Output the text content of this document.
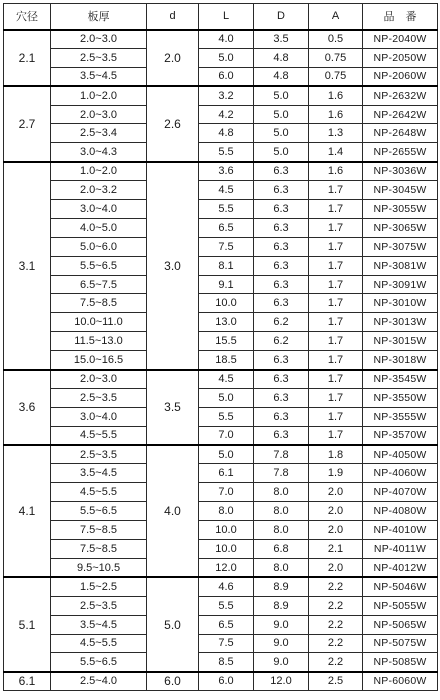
穴径	板厚	d	L	D	A	品　番
2.1	2.0~3.0	2.0	4.0	3.5	0.5	NP-2040W
	2.5~3.5		5.0	4.8	0.75	NP-2050W
	3.5~4.5		6.0	4.8	0.75	NP-2060W
2.7	1.0~2.0	2.6	3.2	5.0	1.6	NP-2632W
	2.0~3.0		4.2	5.0	1.6	NP-2642W
	2.5~3.4		4.8	5.0	1.3	NP-2648W
	3.0~4.3		5.5	5.0	1.4	NP-2655W
3.1	1.0~2.0	3.0	3.6	6.3	1.6	NP-3036W
	2.0~3.2		4.5	6.3	1.7	NP-3045W
	3.0~4.0		5.5	6.3	1.7	NP-3055W
	4.0~5.0		6.5	6.3	1.7	NP-3065W
	5.0~6.0		7.5	6.3	1.7	NP-3075W
	5.5~6.5		8.1	6.3	1.7	NP-3081W
	6.5~7.5		9.1	6.3	1.7	NP-3091W
	7.5~8.5		10.0	6.3	1.7	NP-3010W
	10.0~11.0		13.0	6.2	1.7	NP-3013W
	11.5~13.0		15.5	6.2	1.7	NP-3015W
	15.0~16.5		18.5	6.3	1.7	NP-3018W
3.6	2.0~3.0	3.5	4.5	6.3	1.7	NP-3545W
	2.5~3.5		5.0	6.3	1.7	NP-3550W
	3.0~4.0		5.5	6.3	1.7	NP-3555W
	4.5~5.5		7.0	6.3	1.7	NP-3570W
4.1	2.5~3.5	4.0	5.0	7.8	1.8	NP-4050W
	3.5~4.5		6.1	7.8	1.9	NP-4060W
	4.5~5.5		7.0	8.0	2.0	NP-4070W
	5.5~6.5		8.0	8.0	2.0	NP-4080W
	7.5~8.5		10.0	8.0	2.0	NP-4010W
	7.5~8.5		10.0	6.8	2.1	NP-4011W
	9.5~10.5		12.0	8.0	2.0	NP-4012W
5.1	1.5~2.5	5.0	4.6	8.9	2.2	NP-5046W
	2.5~3.5		5.5	8.9	2.2	NP-5055W
	3.5~4.5		6.5	9.0	2.2	NP-5065W
	4.5~5.5		7.5	9.0	2.2	NP-5075W
	5.5~6.5		8.5	9.0	2.2	NP-5085W
6.1	2.5~4.0	6.0	6.0	12.0	2.5	NP-6060W
